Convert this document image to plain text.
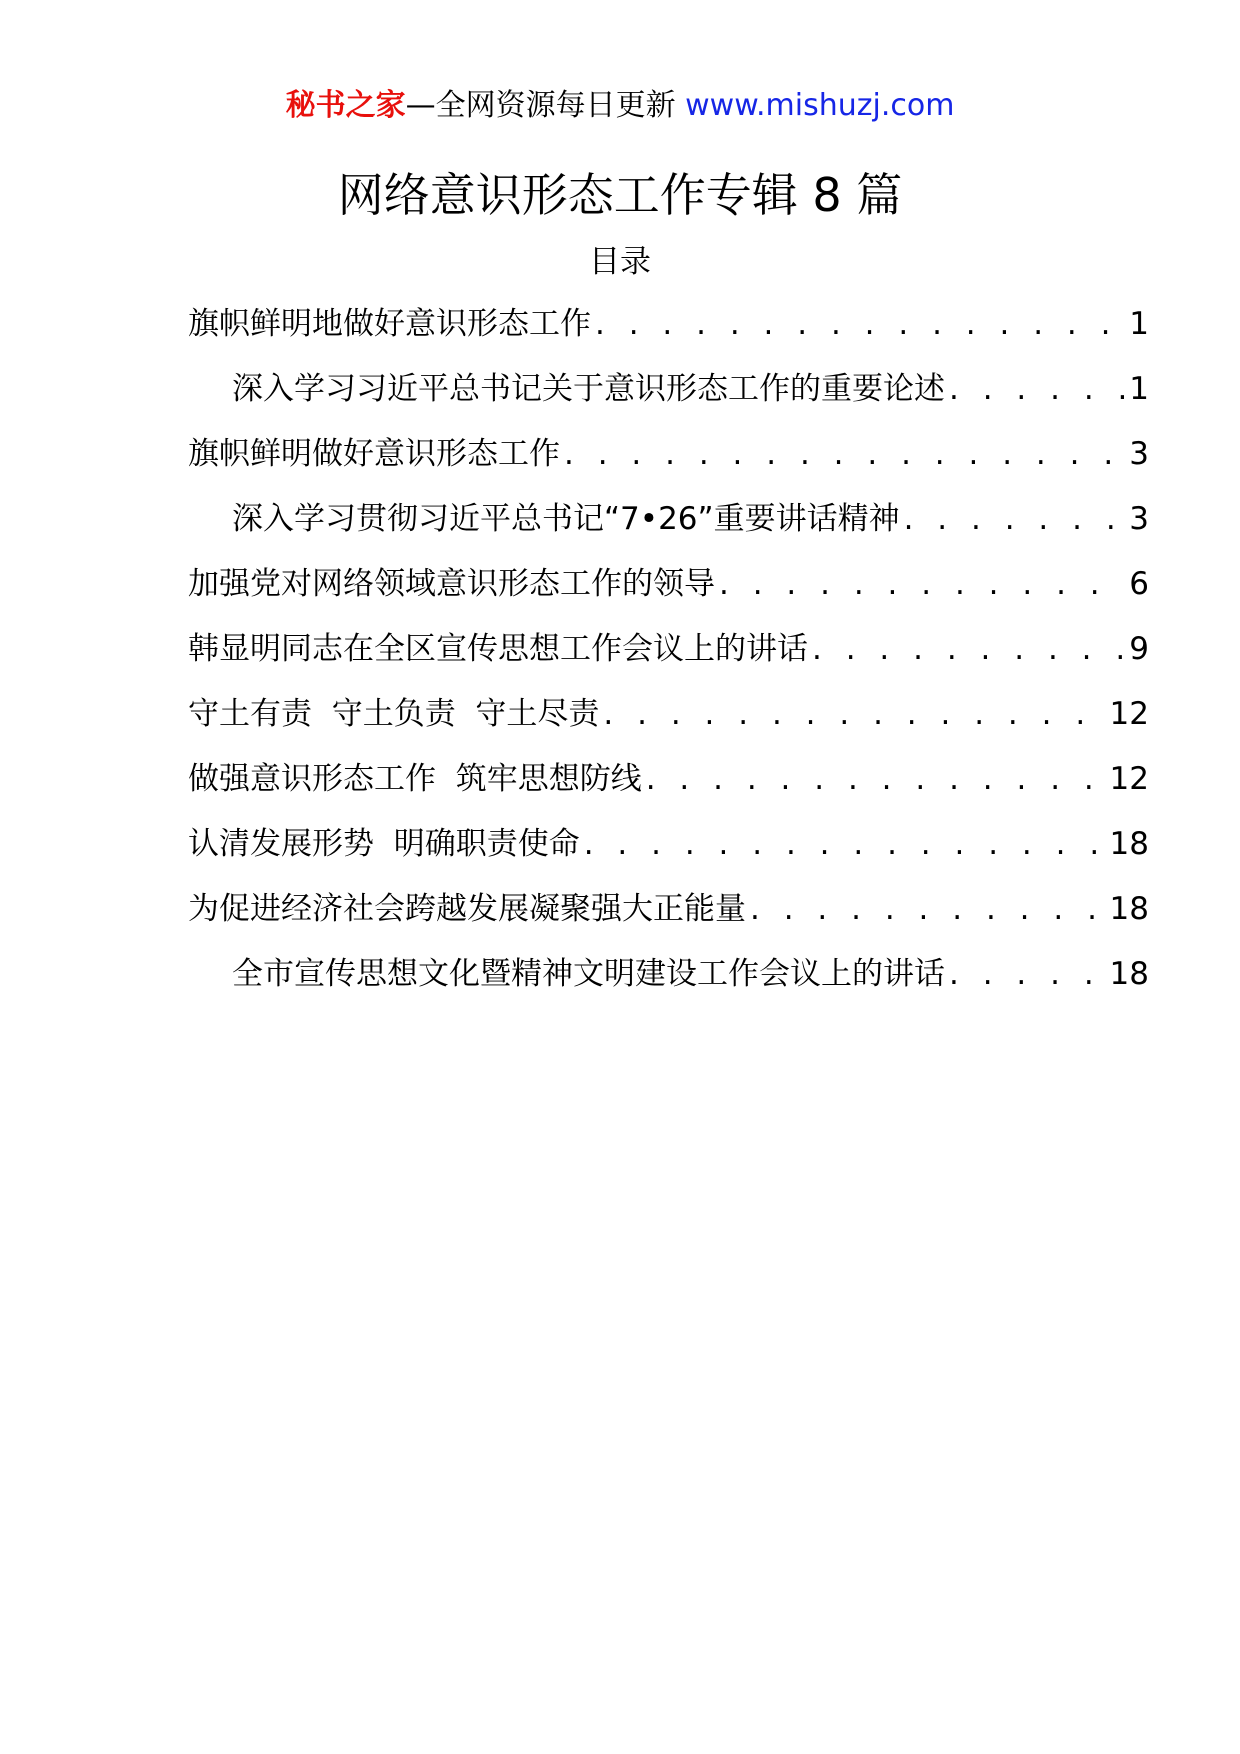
秘书之家—全网资源每日更新 www.mishuzj.com
网络意识形态工作专辑 8 篇
目录
旗帜鲜明地做好意识形态工作 . . .	1
深入学习习近平总书记关于意识形态工作的重要论述 . . .	1
旗帜鲜明做好意识形态工作 . . .	3
深入学习贯彻习近平总书记“7•26”重要讲话精神 . . .	3
加强党对网络领域意识形态工作的领导 . . .	6
韩显明同志在全区宣传思想工作会议上的讲话 . . .	9
守土有责  守土负责  守土尽责 . . .	12
做强意识形态工作  筑牢思想防线 . . .	12
认清发展形势  明确职责使命 . . .	18
为促进经济社会跨越发展凝聚强大正能量 . . .	18
全市宣传思想文化暨精神文明建设工作会议上的讲话 . . .	18
